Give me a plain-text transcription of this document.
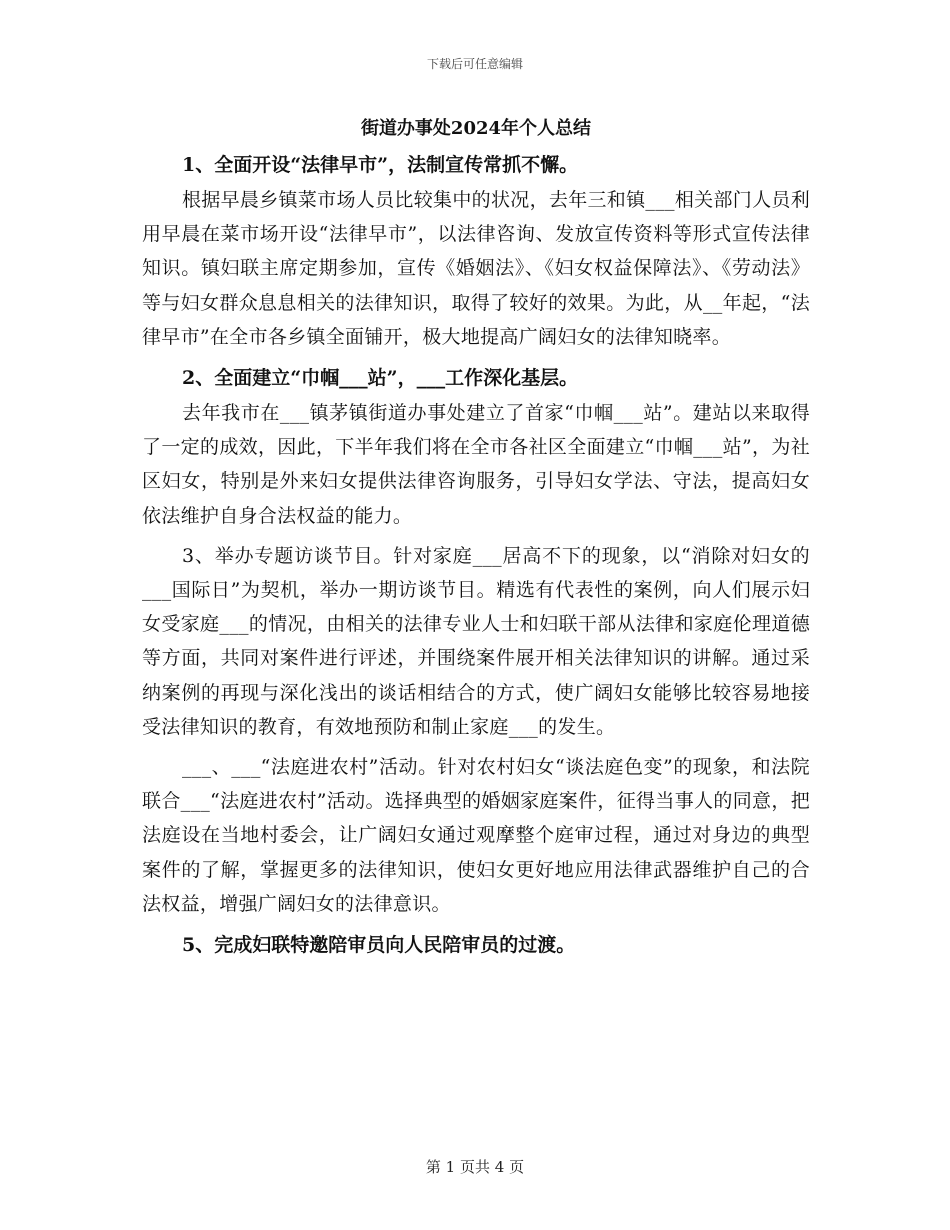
下载后可任意编辑
街道办事处2024年个人总结

1、全面开设“法律早市”，法制宣传常抓不懈。

根据早晨乡镇菜市场人员比较集中的状况，去年三和镇___相关部门人员利用早晨在菜市场开设“法律早市”，以法律咨询、发放宣传资料等形式宣传法律知识。镇妇联主席定期参加，宣传《婚姻法》、《妇女权益保障法》、《劳动法》等与妇女群众息息相关的法律知识，取得了较好的效果。为此，从__年起，“法律早市”在全市各乡镇全面铺开，极大地提高广阔妇女的法律知晓率。

2、全面建立“巾帼___站”，___工作深化基层。

去年我市在___镇茅镇街道办事处建立了首家“巾帼___站”。建站以来取得了一定的成效，因此，下半年我们将在全市各社区全面建立“巾帼___站”，为社区妇女，特别是外来妇女提供法律咨询服务，引导妇女学法、守法，提高妇女依法维护自身合法权益的能力。

3、举办专题访谈节目。针对家庭___居高不下的现象，以“消除对妇女的___国际日”为契机，举办一期访谈节目。精选有代表性的案例，向人们展示妇女受家庭___的情况，由相关的法律专业人士和妇联干部从法律和家庭伦理道德等方面，共同对案件进行评述，并围绕案件展开相关法律知识的讲解。通过采纳案例的再现与深化浅出的谈话相结合的方式，使广阔妇女能够比较容易地接受法律知识的教育，有效地预防和制止家庭___的发生。

___、___“法庭进农村”活动。针对农村妇女“谈法庭色变”的现象，和法院联合___“法庭进农村”活动。选择典型的婚姻家庭案件，征得当事人的同意，把法庭设在当地村委会，让广阔妇女通过观摩整个庭审过程，通过对身边的典型案件的了解，掌握更多的法律知识，使妇女更好地应用法律武器维护自己的合法权益，增强广阔妇女的法律意识。

5、完成妇联特邀陪审员向人民陪审员的过渡。

第 1 页共 4 页
